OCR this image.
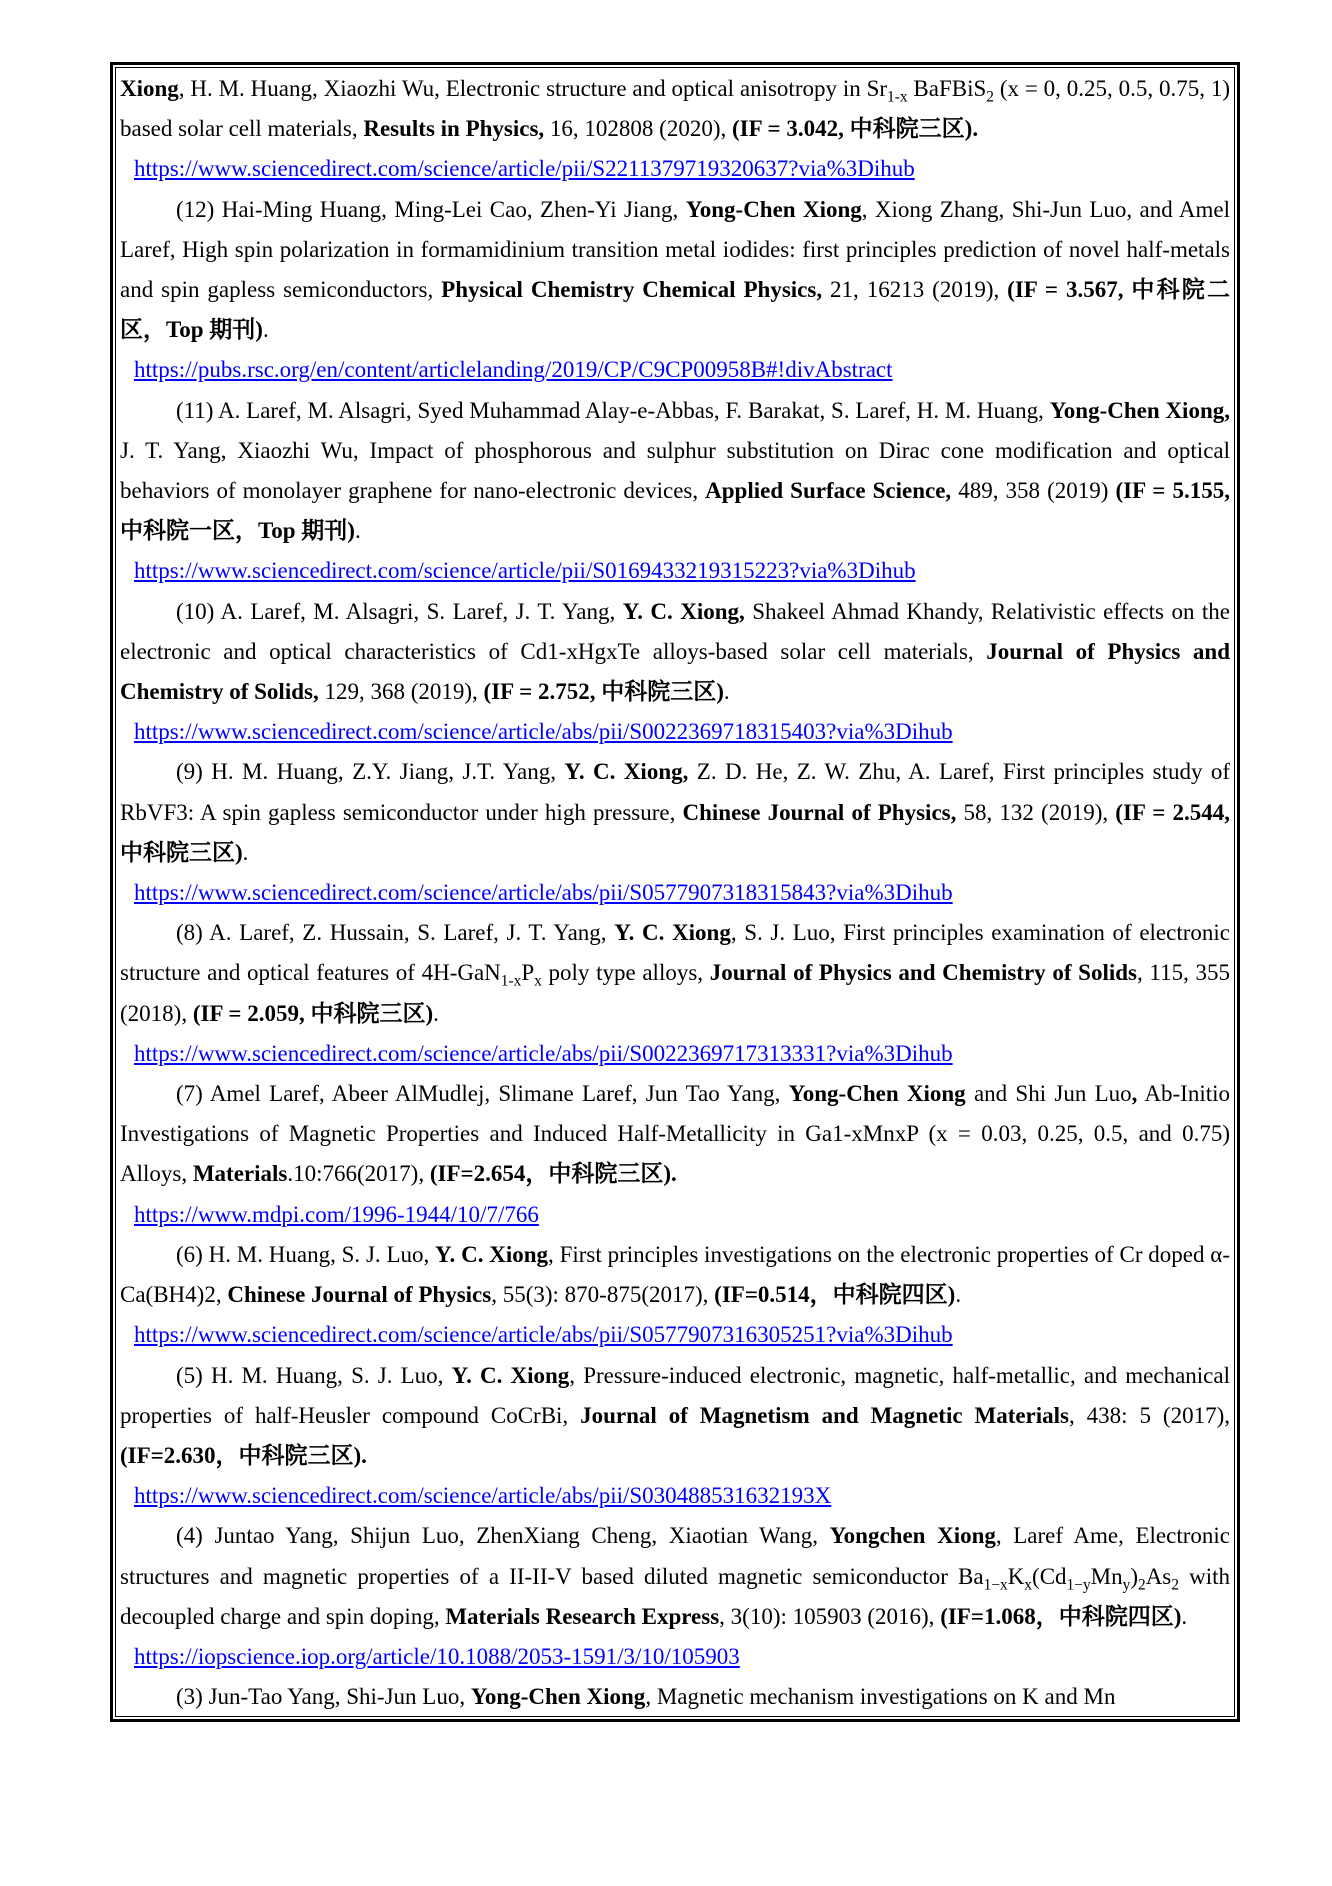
Xiong, H. M. Huang, Xiaozhi Wu, Electronic structure and optical anisotropy in $Sr_{1-x}$ BaFBiS$_2$ (x = 0, 0.25, 0.5, 0.75, 1) based solar cell materials, Results in Physics, 16, 102808 (2020), (IF = 3.042, 中科院三区).

https://www.sciencedirect.com/science/article/pii/S2211379719320637?via%3Dihub

(12) Hai-Ming Huang, Ming-Lei Cao, Zhen-Yi Jiang, Yong-Chen Xiong, Xiong Zhang, Shi-Jun Luo, and Amel Laref, High spin polarization in formamidinium transition metal iodides: first principles prediction of novel half-metals and spin gapless semiconductors, Physical Chemistry Chemical Physics, 21, 16213 (2019), (IF = 3.567, 中科院二区，Top 期刊).

https://pubs.rsc.org/en/content/articlelanding/2019/CP/C9CP00958B#!divAbstract

(11) A. Laref, M. Alsagri, Syed Muhammad Alay-e-Abbas, F. Barakat, S. Laref, H. M. Huang, Yong-Chen Xiong, J. T. Yang, Xiaozhi Wu, Impact of phosphorous and sulphur substitution on Dirac cone modification and optical behaviors of monolayer graphene for nano-electronic devices, Applied Surface Science, 489, 358 (2019) (IF = 5.155, 中科院一区，Top 期刊).

https://www.sciencedirect.com/science/article/pii/S0169433219315223?via%3Dihub

(10) A. Laref, M. Alsagri, S. Laref, J. T. Yang, Y. C. Xiong, Shakeel Ahmad Khandy, Relativistic effects on the electronic and optical characteristics of Cd1-xHgxTe alloys-based solar cell materials, Journal of Physics and Chemistry of Solids, 129, 368 (2019), (IF = 2.752, 中科院三区).

https://www.sciencedirect.com/science/article/abs/pii/S0022369718315403?via%3Dihub

(9) H. M. Huang, Z.Y. Jiang, J.T. Yang, Y. C. Xiong, Z. D. He, Z. W. Zhu, A. Laref, First principles study of RbVF3: A spin gapless semiconductor under high pressure, Chinese Journal of Physics, 58, 132 (2019), (IF = 2.544, 中科院三区).

https://www.sciencedirect.com/science/article/abs/pii/S0577907318315843?via%3Dihub

(8) A. Laref, Z. Hussain, S. Laref, J. T. Yang, Y. C. Xiong, S. J. Luo, First principles examination of electronic structure and optical features of $4H-GaN_{1-x}P_x$ poly type alloys, Journal of Physics and Chemistry of Solids, 115, 355 (2018), (IF = 2.059, 中科院三区).

https://www.sciencedirect.com/science/article/abs/pii/S0022369717313331?via%3Dihub

(7) Amel Laref, Abeer AlMudlej, Slimane Laref, Jun Tao Yang, Yong-Chen Xiong and Shi Jun Luo, Ab-Initio Investigations of Magnetic Properties and Induced Half-Metallicity in Ga1-xMnxP (x = 0.03, 0.25, 0.5, and 0.75) Alloys, Materials.10:766(2017), (IF=2.654，中科院三区).

https://www.mdpi.com/1996-1944/10/7/766

(6) H. M. Huang, S. J. Luo, Y. C. Xiong, First principles investigations on the electronic properties of Cr doped α-Ca(BH4)2, Chinese Journal of Physics, 55(3): 870-875(2017), (IF=0.514，中科院四区).

https://www.sciencedirect.com/science/article/abs/pii/S0577907316305251?via%3Dihub

(5) H. M. Huang, S. J. Luo, Y. C. Xiong, Pressure-induced electronic, magnetic, half-metallic, and mechanical properties of half-Heusler compound CoCrBi, Journal of Magnetism and Magnetic Materials, 438: 5 (2017), (IF=2.630，中科院三区).

https://www.sciencedirect.com/science/article/abs/pii/S030488531632193X

(4) Juntao Yang, Shijun Luo, ZhenXiang Cheng, Xiaotian Wang, Yongchen Xiong, Laref Ame, Electronic structures and magnetic properties of a II-II-V based diluted magnetic semiconductor $Ba_{1-x}K_x(Cd_{1-y}Mn_y)_2As_2$ with decoupled charge and spin doping, Materials Research Express, 3(10): 105903 (2016), (IF=1.068，中科院四区).

https://iopscience.iop.org/article/10.1088/2053-1591/3/10/105903

(3) Jun-Tao Yang, Shi-Jun Luo, Yong-Chen Xiong, Magnetic mechanism investigations on K and Mn
